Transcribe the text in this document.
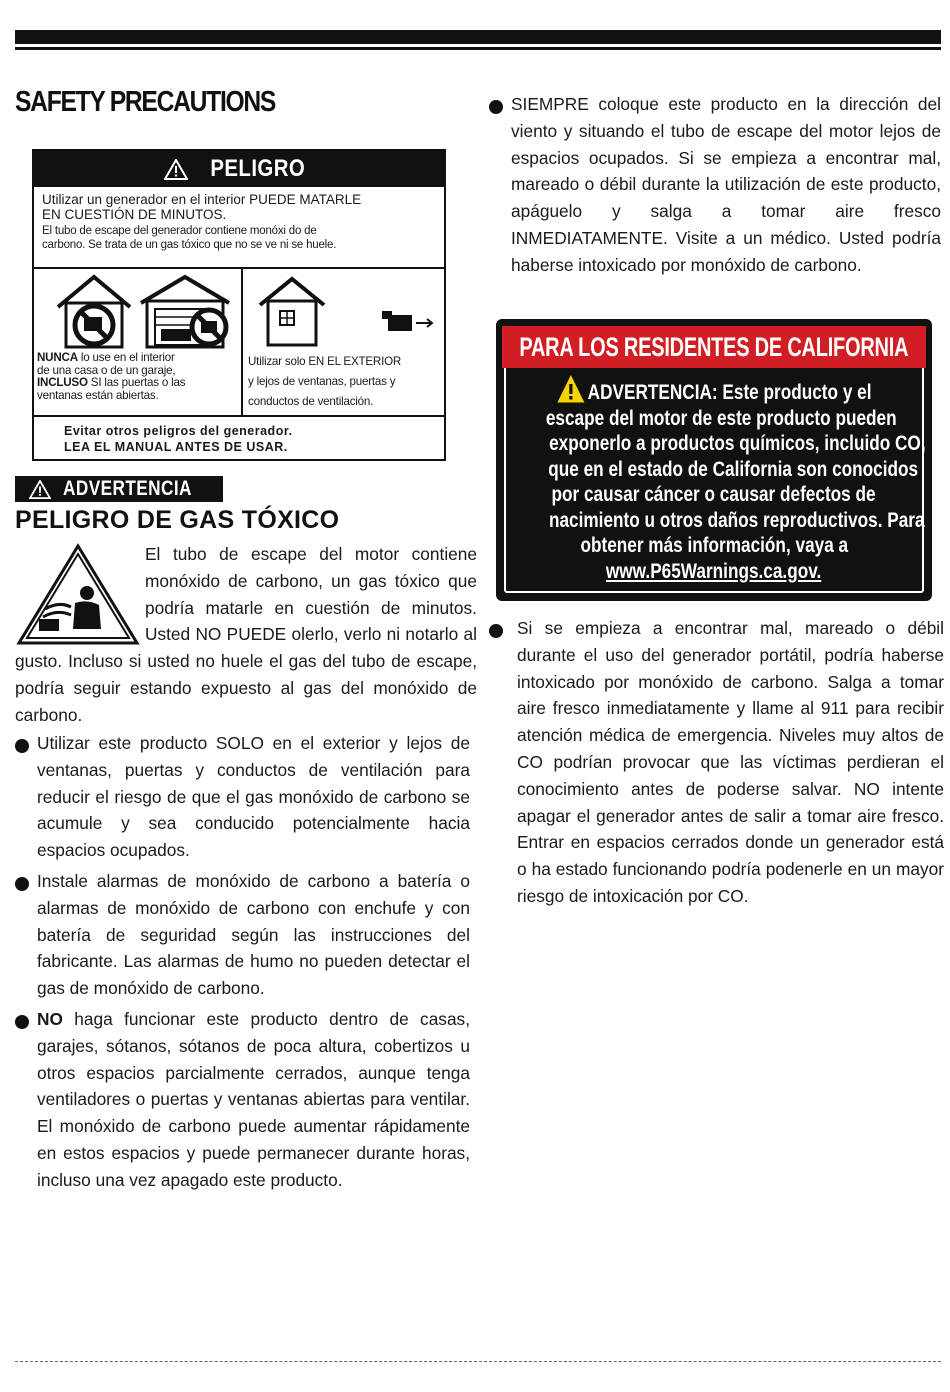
SAFETY PRECAUTIONS
PELIGRO
Utilizar un generador en el interior PUEDE MATARLE
EN CUESTIÓN DE MINUTOS.
El tubo de escape del generador contiene monóxi do de
carbono. Se trata de un gas tóxico que no se ve ni se huele.
NUNCA lo use en el interior
de una casa o de un garaje,
INCLUSO SI las puertas o las
ventanas están abiertas.
Utilizar solo EN EL EXTERIOR
y lejos de ventanas, puertas y
conductos de ventilación.
Evitar otros peligros del generador.
LEA EL MANUAL ANTES DE USAR.
ADVERTENCIA
PELIGRO DE GAS TÓXICO
El tubo de escape del motor contiene monóxido de carbono, un gas tóxico que podría matarle en cuestión de minutos. Usted NO PUEDE olerlo, verlo ni notarlo al gusto. Incluso si usted no huele el gas del tubo de escape, podría seguir estando expuesto al gas del monóxido de carbono.
Utilizar este producto SOLO en el exterior y lejos de ventanas, puertas y conductos de ventilación para reducir el riesgo de que el gas monóxido de carbono se acumule y sea conducido potencialmente hacia espacios ocupados.
Instale alarmas de monóxido de carbono a batería o alarmas de monóxido de carbono con enchufe y con batería de seguridad según las instrucciones del fabricante. Las alarmas de humo no pueden detectar el gas de monóxido de carbono.
NO haga funcionar este producto dentro de casas, garajes, sótanos, sótanos de poca altura, cobertizos u otros espacios parcialmente cerrados, aunque tenga ventiladores o puertas y ventanas abiertas para ventilar. El monóxido de carbono puede aumentar rápidamente en estos espacios y puede permanecer durante horas, incluso una vez apagado este producto.
SIEMPRE coloque este producto en la dirección del viento y situando el tubo de escape del motor lejos de espacios ocupados. Si se empieza a encontrar mal, mareado o débil durante la utilización de este producto, apáguelo y salga a tomar aire fresco INMEDIATAMENTE. Visite a un médico. Usted podría haberse intoxicado por monóxido de carbono.
PARA LOS RESIDENTES DE CALIFORNIA
ADVERTENCIA: Este producto y el
escape del motor de este producto pueden
exponerlo a productos químicos, incluido CO,
que en el estado de California son conocidos
por causar cáncer o causar defectos de
nacimiento u otros daños reproductivos. Para
obtener más información, vaya a
www.P65Warnings.ca.gov.
Si se empieza a encontrar mal, mareado o débil durante el uso del generador portátil, podría haberse intoxicado por monóxido de carbono. Salga a tomar aire fresco inmediatamente y llame al 911 para recibir atención médica de emergencia. Niveles muy altos de CO podrían provocar que las víctimas perdieran el conocimiento antes de poderse salvar. NO intente apagar el generador antes de salir a tomar aire fresco. Entrar en espacios cerrados donde un generador está o ha estado funcionando podría podenerle en un mayor riesgo de intoxicación por CO.
